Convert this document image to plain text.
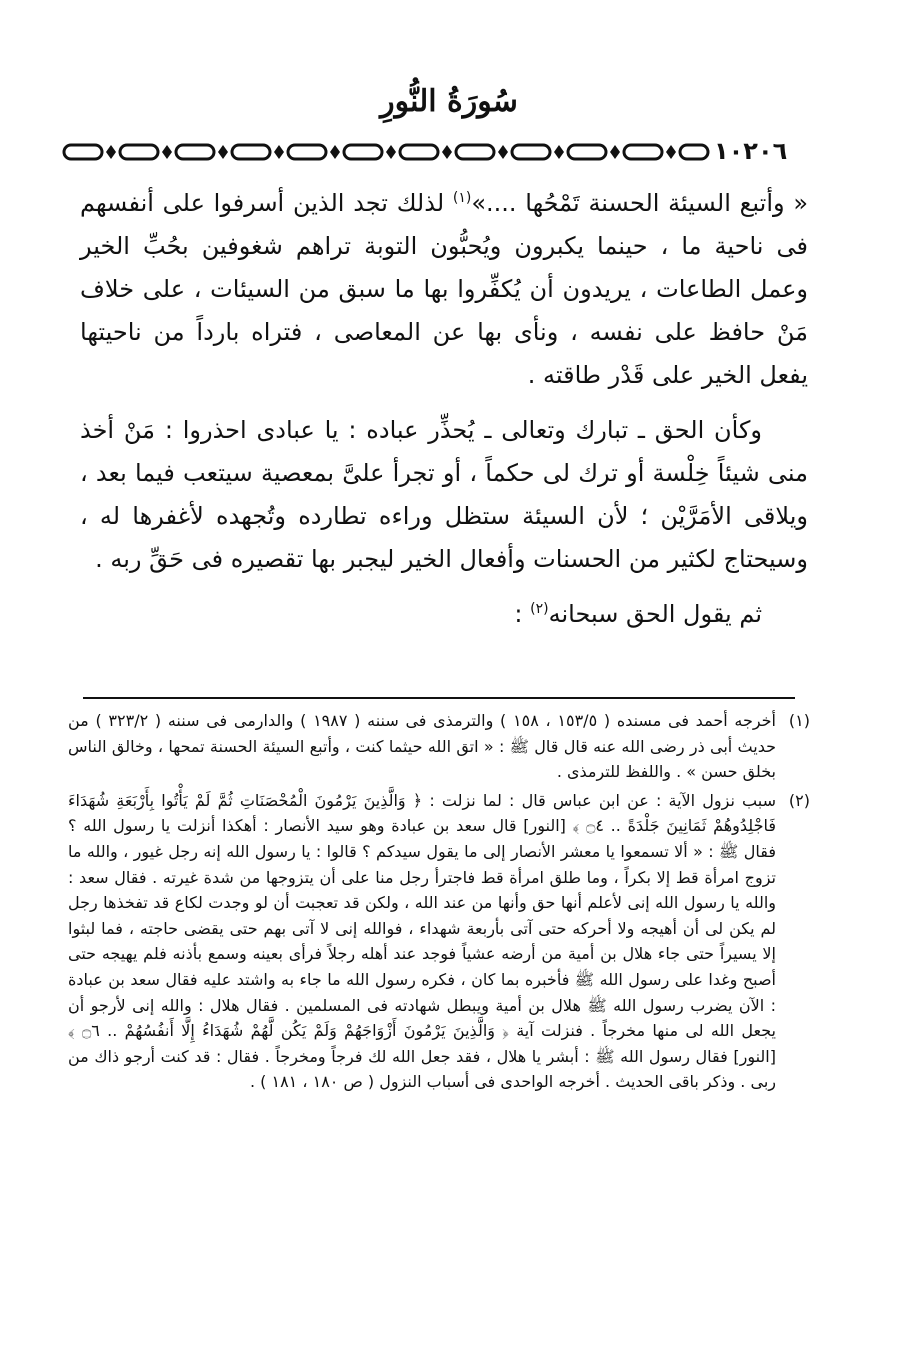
سُورَةُ النُّورِ
١٠٢٠٦

« وأتبع السيئة الحسنة تَمْحُها ....»$^{(١)}$ لذلك تجد الذين أسرفوا على أنفسهم فى ناحية ما ، حينما يكبرون ويُحبُّون التوبة تراهم شغوفين بحُبِّ الخير وعمل الطاعات ، يريدون أن يُكفِّروا بها ما سبق من السيئات ، على خلاف مَنْ حافظ على نفسه ، ونأى بها عن المعاصى ، فتراه بارداً من ناحيتها يفعل الخير على قَدْر طاقته .

وكأن الحق ـ تبارك وتعالى ـ يُحذِّر عباده : يا عبادى احذروا : مَنْ أخذ منى شيئاً خِلْسة أو ترك لى حكماً ، أو تجرأ علىَّ بمعصية سيتعب فيما بعد ، ويلاقى الأمَرَّيْن ؛ لأن السيئة ستظل وراءه تطارده وتُجهده لأغفرها له ، وسيحتاج لكثير من الحسنات وأفعال الخير ليجبر بها تقصيره فى حَقِّ ربه .

ثم يقول الحق سبحانه$^{(٢)}$ :

(١)
أخرجه أحمد فى مسنده ( ١٥٣/٥ ، ١٥٨ ) والترمذى فى سننه ( ١٩٨٧ ) والدارمى فى سننه ( ٣٢٣/٢ ) من حديث أبى ذر رضى الله عنه قال قال ﷺ : « اتق الله حيثما كنت ، وأتبع السيئة الحسنة تمحها ، وخالق الناس بخلق حسن » . واللفظ للترمذى .
(٢)
سبب نزول الآية : عن ابن عباس قال : لما نزلت : ﴿ وَالَّذِينَ يَرْمُونَ الْمُحْصَنَاتِ ثُمَّ لَمْ يَأْتُوا بِأَرْبَعَةِ شُهَدَاءَ فَاجْلِدُوهُمْ ثَمَانِينَ جَلْدَةً .. ۝٤ ﴾ [النور] قال سعد بن عبادة وهو سيد الأنصار : أهكذا أنزلت يا رسول الله ؟ فقال ﷺ : « ألا تسمعوا يا معشر الأنصار إلى ما يقول سيدكم ؟ قالوا : يا رسول الله إنه رجل غيور ، والله ما تزوج امرأة قط إلا بكراً ، وما طلق امرأة قط فاجترأ رجل منا على أن يتزوجها من شدة غيرته . فقال سعد : والله يا رسول الله إنى لأعلم أنها حق وأنها من عند الله ، ولكن قد تعجبت أن لو وجدت لكاع قد تفخذها رجل لم يكن لى أن أهيجه ولا أحركه حتى آتى بأربعة شهداء ، فوالله إنى لا آتى بهم حتى يقضى حاجته ، فما لبثوا إلا يسيراً حتى جاء هلال بن أمية من أرضه عشياً فوجد عند أهله رجلاً فرأى بعينه وسمع بأذنه فلم يهيجه حتى أصبح وغدا على رسول الله ﷺ فأخبره بما كان ، فكره رسول الله ما جاء به واشتد عليه فقال سعد بن عبادة : الآن يضرب رسول الله ﷺ هلال بن أمية ويبطل شهادته فى المسلمين . فقال هلال : والله إنى لأرجو أن يجعل الله لى منها مخرجاً . فنزلت آية ﴿ وَالَّذِينَ يَرْمُونَ أَزْوَاجَهُمْ وَلَمْ يَكُن لَّهُمْ شُهَدَاءُ إِلَّا أَنفُسُهُمْ .. ۝٦ ﴾ [النور] فقال رسول الله ﷺ : أبشر يا هلال ، فقد جعل الله لك فرجاً ومخرجاً . فقال : قد كنت أرجو ذاك من ربى . وذكر باقى الحديث . أخرجه الواحدى فى أسباب النزول ( ص ١٨٠ ، ١٨١ ) .
